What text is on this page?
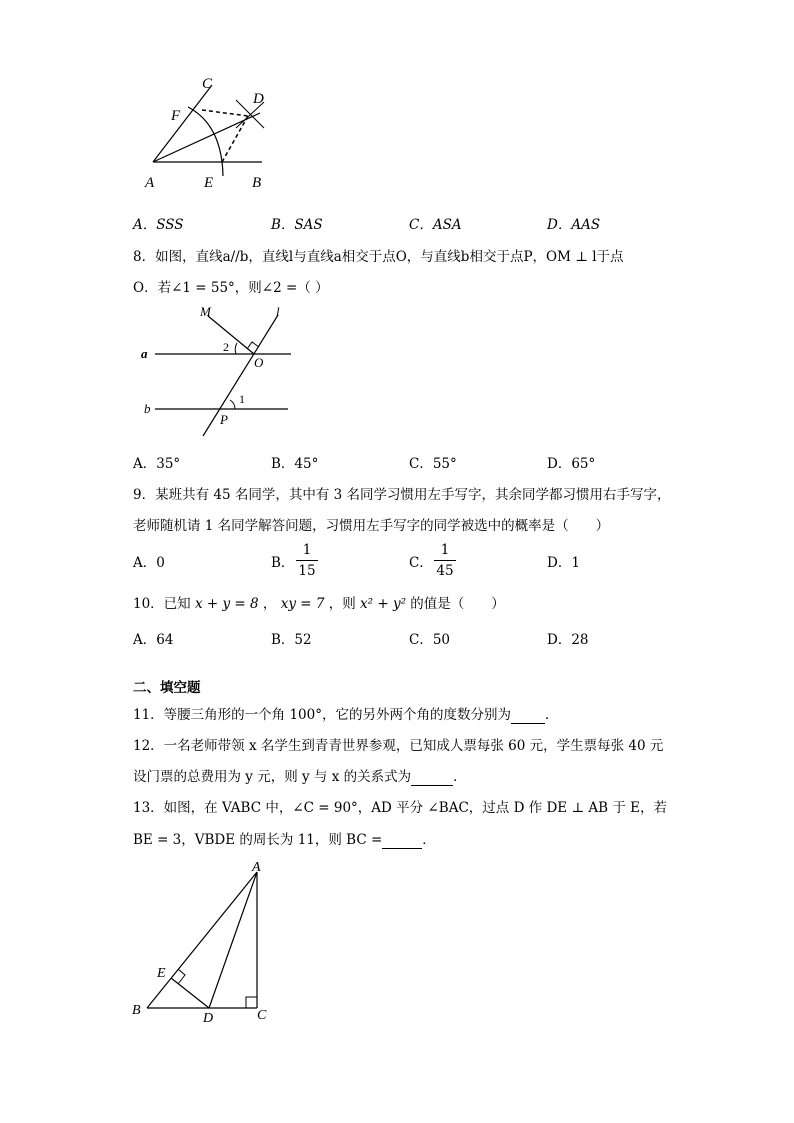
C
D
F
A	E	B
A．SSS	B．SAS	C．ASA	D．AAS
8．如图，直线a//b，直线l与直线a相交于点O，与直线b相交于点P，OM ⊥ l于点
O．若∠1 = 55°，则∠2 =（ ）
M	l
a
b
O
P
1
2
A．35°	B．45°	C．55°	D．65°
9．某班共有 45 名同学，其中有 3 名同学习惯用左手写字，其余同学都习惯用右手写字，
老师随机请 1 名同学解答问题，习惯用左手写字的同学被选中的概率是（　　）
A．0	B． $\frac{1}{15}$	C． $\frac{1}{45}$	D．1
10．已知 x + y = 8 ， xy = 7 ，则 x² + y² 的值是（　　）
A．64	B．52	C．50	D．28
二、填空题
11．等腰三角形的一个角 100°，它的另外两个角的度数分别为	．
12．一名老师带领 x 名学生到青青世界参观，已知成人票每张 60 元，学生票每张 40 元
设门票的总费用为 y 元，则 y 与 x 的关系式为	．
13．如图，在 VABC 中，∠C = 90°，AD 平分 ∠BAC，过点 D 作 DE ⊥ AB 于 E，若
BE = 3，VBDE 的周长为 11，则 BC =	．
A
E
B
D	C
